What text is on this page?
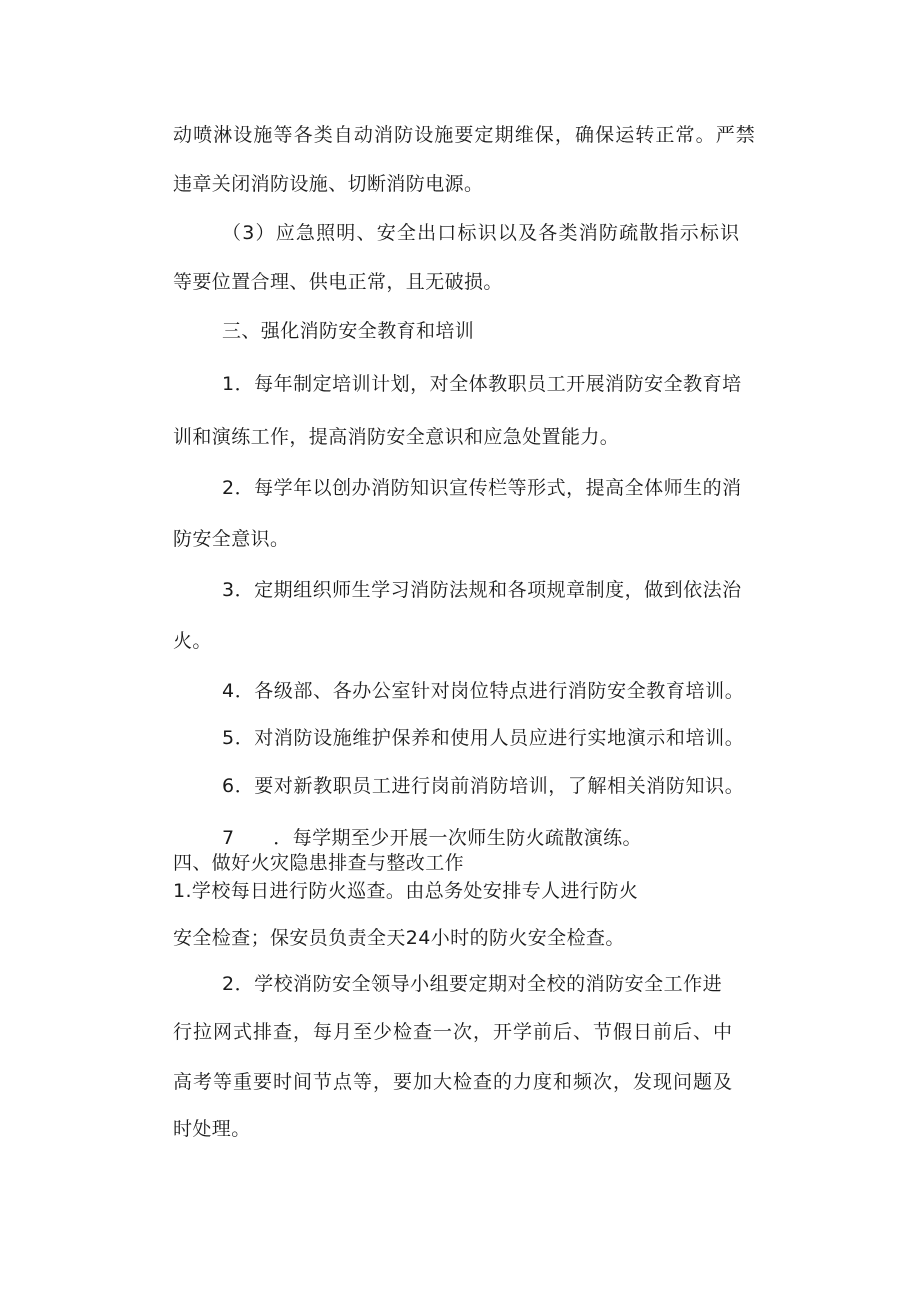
动喷淋设施等各类自动消防设施要定期维保，确保运转正常。严禁
违章关闭消防设施、切断消防电源。
（3）应急照明、安全出口标识以及各类消防疏散指示标识
等要位置合理、供电正常，且无破损。
三、强化消防安全教育和培训
1．每年制定培训计划，对全体教职员工开展消防安全教育培
训和演练工作，提高消防安全意识和应急处置能力。
2．每学年以创办消防知识宣传栏等形式，提高全体师生的消
防安全意识。
3．定期组织师生学习消防法规和各项规章制度，做到依法治
火。
4．各级部、各办公室针对岗位特点进行消防安全教育培训。
5．对消防设施维护保养和使用人员应进行实地演示和培训。
6．要对新教职员工进行岗前消防培训，了解相关消防知识。
7　　．每学期至少开展一次师生防火疏散演练。
四、做好火灾隐患排查与整改工作
1.学校每日进行防火巡查。由总务处安排专人进行防火
安全检查；保安员负责全天24小时的防火安全检查。
2．学校消防安全领导小组要定期对全校的消防安全工作进
行拉网式排查，每月至少检查一次，开学前后、节假日前后、中
高考等重要时间节点等，要加大检查的力度和频次，发现问题及
时处理。
